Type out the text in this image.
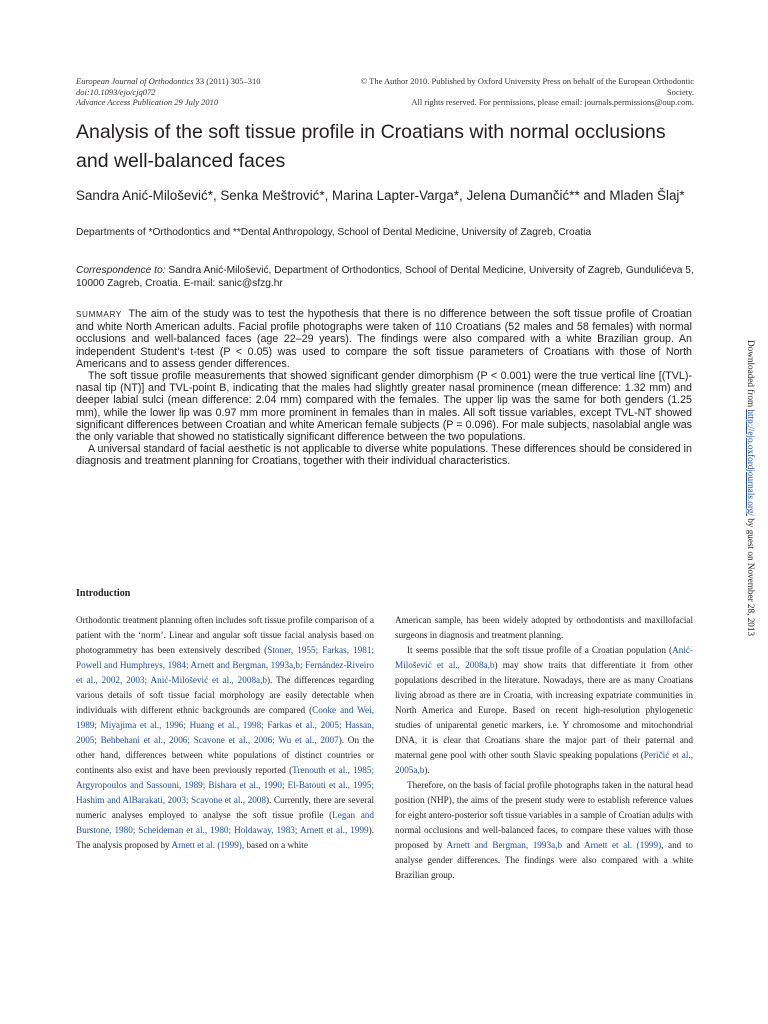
European Journal of Orthodontics 33 (2011) 305–310
doi:10.1093/ejo/cjq072
Advance Access Publication 29 July 2010
© The Author 2010. Published by Oxford University Press on behalf of the European Orthodontic Society.
All rights reserved. For permissions, please email: journals.permissions@oup.com.
Analysis of the soft tissue profile in Croatians with normal occlusions and well-balanced faces
Sandra Anić-Milošević*, Senka Meštrović*, Marina Lapter-Varga*, Jelena Dumančić** and Mladen Šlaj*
Departments of *Orthodontics and **Dental Anthropology, School of Dental Medicine, University of Zagreb, Croatia
Correspondence to: Sandra Anić-Milošević, Department of Orthodontics, School of Dental Medicine, University of Zagreb, Gundulićeva 5, 10000 Zagreb, Croatia. E-mail: sanic@sfzg.hr

SUMMARY The aim of the study was to test the hypothesis that there is no difference between the soft tissue profile of Croatian and white North American adults. Facial profile photographs were taken of 110 Croatians (52 males and 58 females) with normal occlusions and well-balanced faces (age 22–29 years). The findings were also compared with a white Brazilian group. An independent Student’s t-test (P < 0.05) was used to compare the soft tissue parameters of Croatians with those of North Americans and to assess gender differences.

The soft tissue profile measurements that showed significant gender dimorphism (P < 0.001) were the true vertical line [(TVL)-nasal tip (NT)] and TVL-point B, indicating that the males had slightly greater nasal prominence (mean difference: 1.32 mm) and deeper labial sulci (mean difference: 2.04 mm) compared with the females. The upper lip was the same for both genders (1.25 mm), while the lower lip was 0.97 mm more prominent in females than in males. All soft tissue variables, except TVL-NT showed significant differences between Croatian and white American female subjects (P = 0.096). For male subjects, nasolabial angle was the only variable that showed no statistically significant difference between the two populations.

A universal standard of facial aesthetic is not applicable to diverse white populations. These differences should be considered in diagnosis and treatment planning for Croatians, together with their individual characteristics.

Introduction

Orthodontic treatment planning often includes soft tissue profile comparison of a patient with the ‘norm’. Linear and angular soft tissue facial analysis based on photogrammetry has been extensively described (Stoner, 1955; Farkas, 1981; Powell and Humphreys, 1984; Arnett and Bergman, 1993a,b; Fernández-Riveiro et al., 2002, 2003; Anić-Milošević et al., 2008a,b). The differences regarding various details of soft tissue facial morphology are easily detectable when individuals with different ethnic backgrounds are compared (Cooke and Wei, 1989; Miyajima et al., 1996; Huang et al., 1998; Farkas et al., 2005; Hassan, 2005; Behbehani et al., 2006; Scavone et al., 2006; Wu et al., 2007). On the other hand, differences between white populations of distinct countries or continents also exist and have been previously reported (Trenouth et al., 1985; Argyropoulos and Sassouni, 1989; Bishara et al., 1990; El-Batouti et al., 1995; Hashim and AlBarakati, 2003; Scavone et al., 2008). Currently, there are several numeric analyses employed to analyse the soft tissue profile (Legan and Burstone, 1980; Scheideman et al., 1980; Holdaway, 1983; Arnett et al., 1999). The analysis proposed by Arnett et al. (1999), based on a white

American sample, has been widely adopted by orthodontists and maxillofacial surgeons in diagnosis and treatment planning.

It seems possible that the soft tissue profile of a Croatian population (Anić-Milošević et al., 2008a,b) may show traits that differentiate it from other populations described in the literature. Nowadays, there are as many Croatians living abroad as there are in Croatia, with increasing expatriate communities in North America and Europe. Based on recent high-resolution phylogenetic studies of uniparental genetic markers, i.e. Y chromosome and mitochondrial DNA, it is clear that Croatians share the major part of their paternal and maternal gene pool with other south Slavic speaking populations (Peričić et al., 2005a,b).

Therefore, on the basis of facial profile photographs taken in the natural head position (NHP), the aims of the present study were to establish reference values for eight antero-posterior soft tissue variables in a sample of Croatian adults with normal occlusions and well-balanced faces, to compare these values with those proposed by Arnett and Bergman, 1993a,b and Arnett et al. (1999), and to analyse gender differences. The findings were also compared with a white Brazilian group.

Downloaded from http://ejo.oxfordjournals.org/ by guest on November 28, 2013
